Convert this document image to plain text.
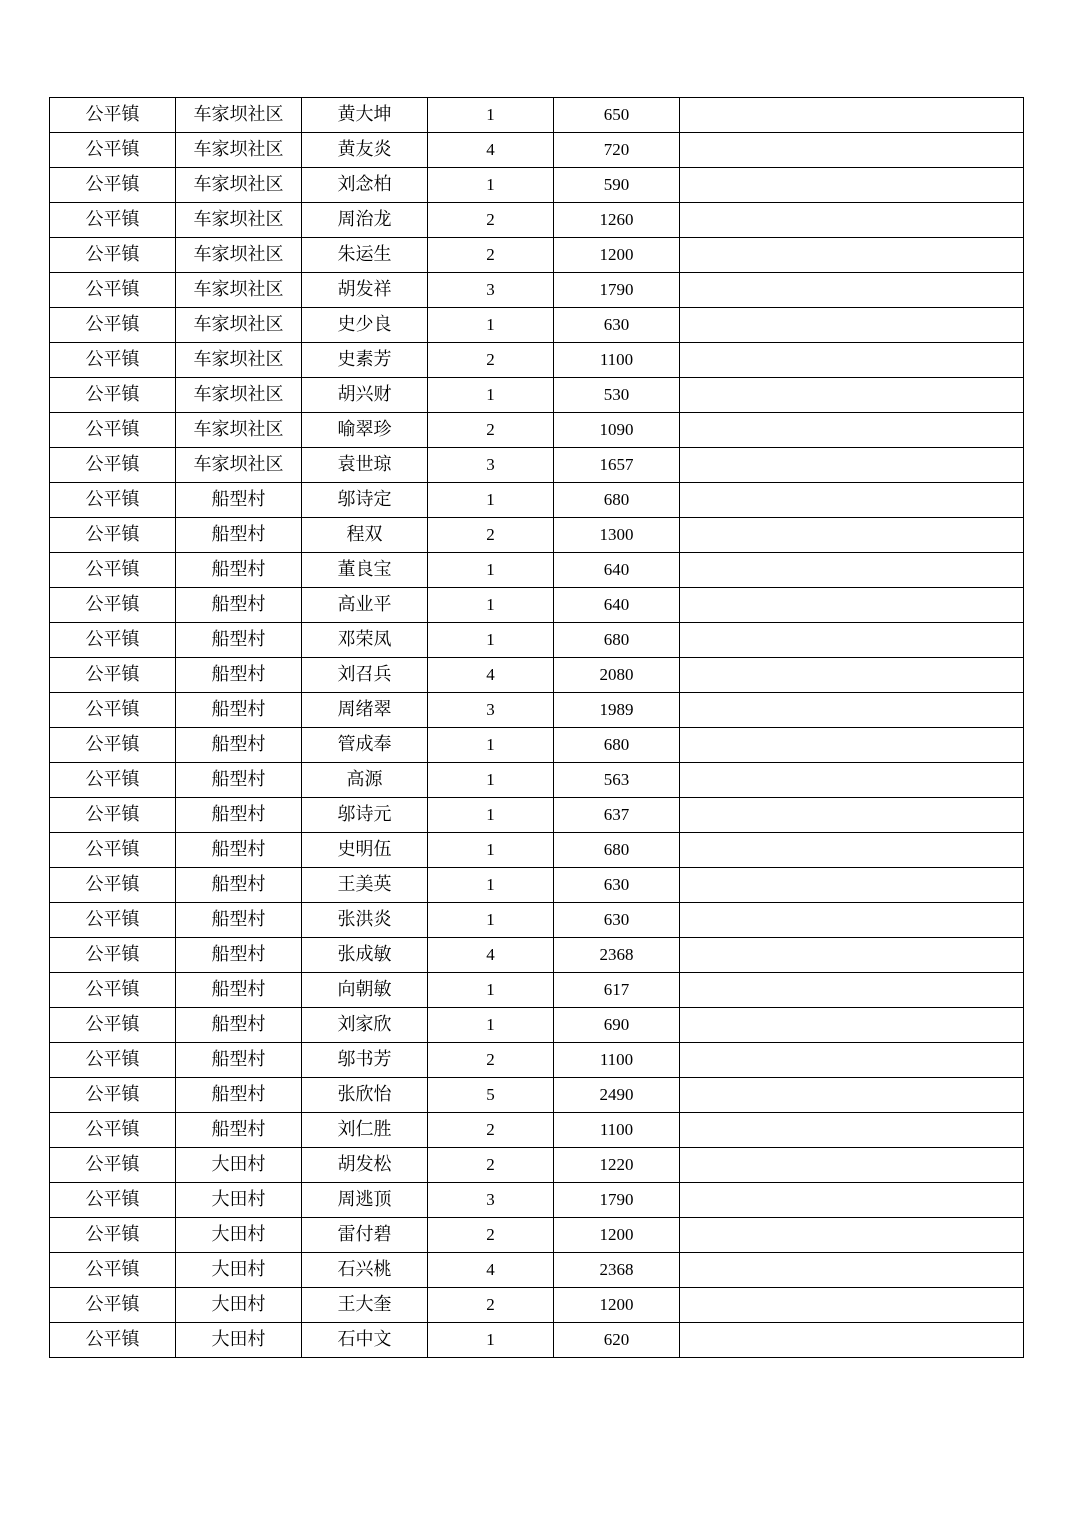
公平镇	车家坝社区	黄大坤	1	650	
公平镇	车家坝社区	黄友炎	4	720	
公平镇	车家坝社区	刘念柏	1	590	
公平镇	车家坝社区	周治龙	2	1260	
公平镇	车家坝社区	朱运生	2	1200	
公平镇	车家坝社区	胡发祥	3	1790	
公平镇	车家坝社区	史少良	1	630	
公平镇	车家坝社区	史素芳	2	1100	
公平镇	车家坝社区	胡兴财	1	530	
公平镇	车家坝社区	喻翠珍	2	1090	
公平镇	车家坝社区	袁世琼	3	1657	
公平镇	船型村	邬诗定	1	680	
公平镇	船型村	程双	2	1300	
公平镇	船型村	董良宝	1	640	
公平镇	船型村	高业平	1	640	
公平镇	船型村	邓荣凤	1	680	
公平镇	船型村	刘召兵	4	2080	
公平镇	船型村	周绪翠	3	1989	
公平镇	船型村	管成奉	1	680	
公平镇	船型村	高源	1	563	
公平镇	船型村	邬诗元	1	637	
公平镇	船型村	史明伍	1	680	
公平镇	船型村	王美英	1	630	
公平镇	船型村	张洪炎	1	630	
公平镇	船型村	张成敏	4	2368	
公平镇	船型村	向朝敏	1	617	
公平镇	船型村	刘家欣	1	690	
公平镇	船型村	邬书芳	2	1100	
公平镇	船型村	张欣怡	5	2490	
公平镇	船型村	刘仁胜	2	1100	
公平镇	大田村	胡发松	2	1220	
公平镇	大田村	周逃顶	3	1790	
公平镇	大田村	雷付碧	2	1200	
公平镇	大田村	石兴桃	4	2368	
公平镇	大田村	王大奎	2	1200	
公平镇	大田村	石中文	1	620	
